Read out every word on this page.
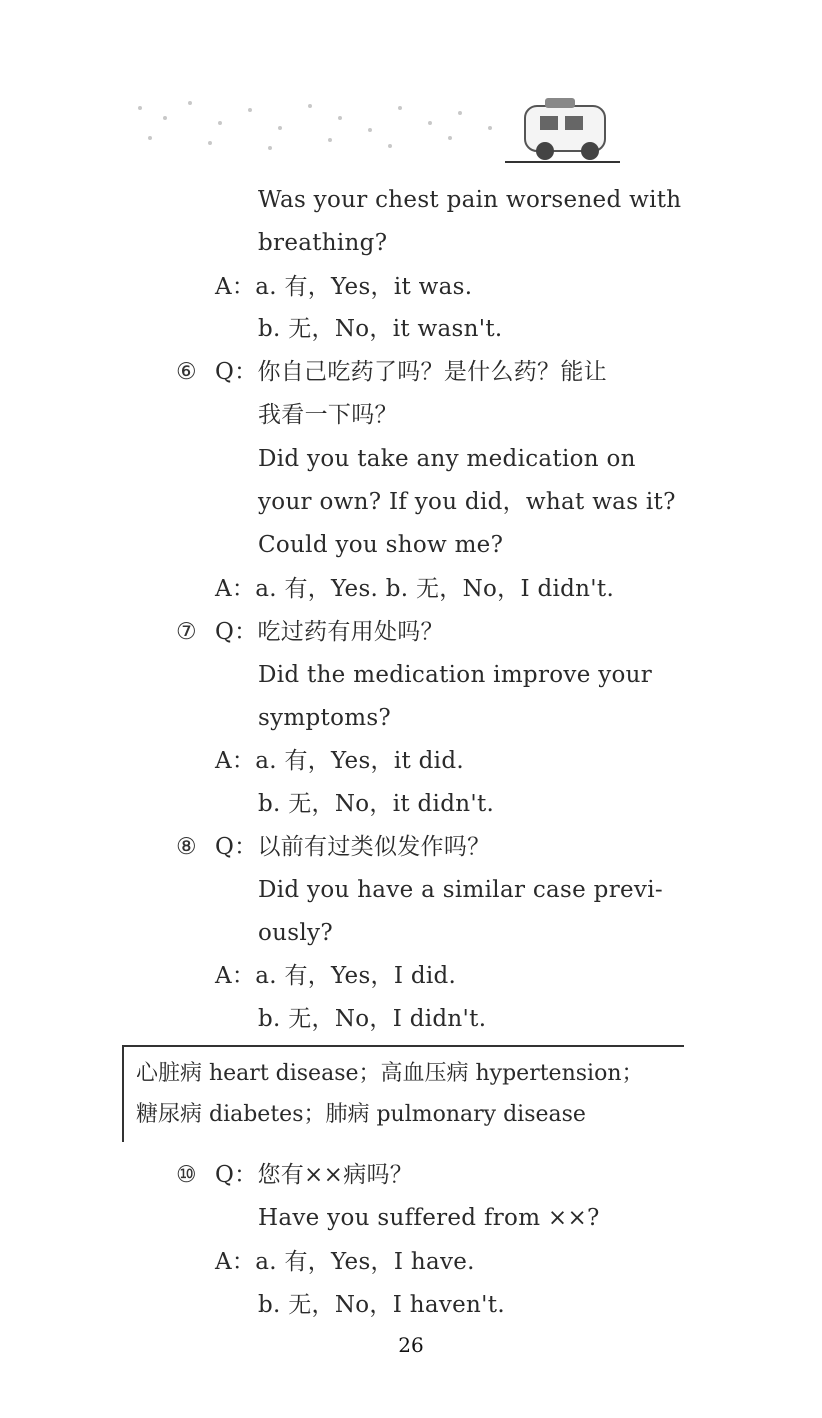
Was your chest pain worsened with
breathing?
A：a. 有，Yes，it was.
b. 无，No，it wasn't.
Q：你自己吃药了吗？是什么药？能让
我看一下吗？
Did you take any medication on
your own? If you did，what was it?
Could you show me?
A：a. 有，Yes. b. 无，No，I didn't.
Q：吃过药有用处吗？
Did the medication improve your
symptoms?
A：a. 有，Yes，it did.
b. 无，No，it didn't.
Q：以前有过类似发作吗？
Did you have a similar case previ-
ously?
A：a. 有，Yes，I did.
b. 无，No，I didn't.
Q：您有××病吗？
Have you suffered from ××?
A：a. 有，Yes，I have.
b. 无，No，I haven't.
⑥
⑦
⑧
⑩
心脏病 heart disease；高血压病 hypertension；
糖尿病 diabetes；肺病 pulmonary disease
26
